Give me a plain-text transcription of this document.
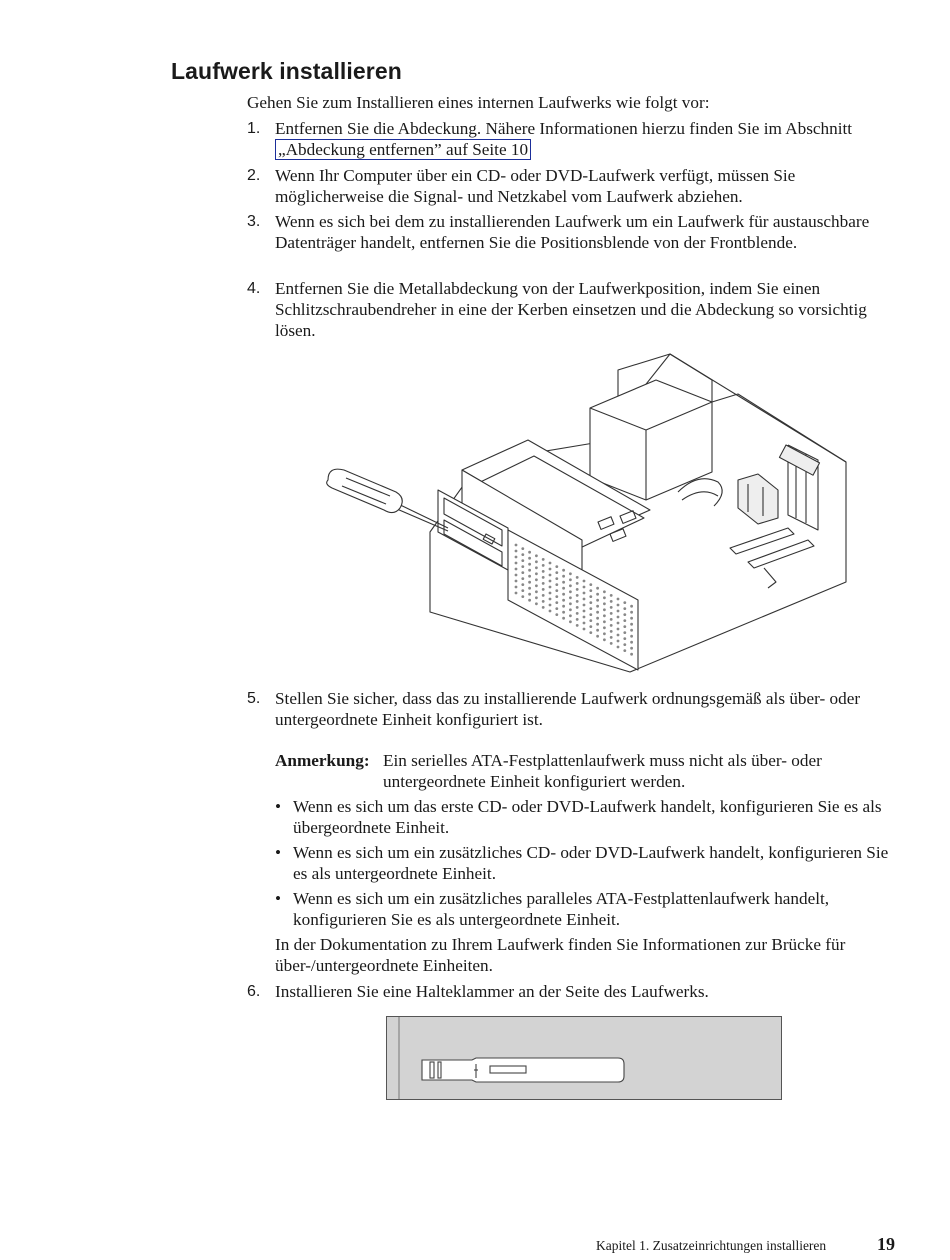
Laufwerk installieren
Gehen Sie zum Installieren eines internen Laufwerks wie folgt vor:
1. Entfernen Sie die Abdeckung. Nähere Informationen hierzu finden Sie im Abschnitt „Abdeckung entfernen” auf Seite 10
2. Wenn Ihr Computer über ein CD- oder DVD-Laufwerk verfügt, müssen Sie möglicherweise die Signal- und Netzkabel vom Laufwerk abziehen.
3. Wenn es sich bei dem zu installierenden Laufwerk um ein Laufwerk für austauschbare Datenträger handelt, entfernen Sie die Positionsblende von der Frontblende.
4. Entfernen Sie die Metallabdeckung von der Laufwerkposition, indem Sie einen Schlitzschraubendreher in eine der Kerben einsetzen und die Abdeckung so vorsichtig lösen.
5. Stellen Sie sicher, dass das zu installierende Laufwerk ordnungsgemäß als über- oder untergeordnete Einheit konfiguriert ist.
Anmerkung: Ein serielles ATA-Festplattenlaufwerk muss nicht als über- oder untergeordnete Einheit konfiguriert werden.
• Wenn es sich um das erste CD- oder DVD-Laufwerk handelt, konfigurieren Sie es als übergeordnete Einheit.
• Wenn es sich um ein zusätzliches CD- oder DVD-Laufwerk handelt, konfigurieren Sie es als untergeordnete Einheit.
• Wenn es sich um ein zusätzliches paralleles ATA-Festplattenlaufwerk handelt, konfigurieren Sie es als untergeordnete Einheit.
In der Dokumentation zu Ihrem Laufwerk finden Sie Informationen zur Brücke für über-/untergeordnete Einheiten.
6. Installieren Sie eine Halteklammer an der Seite des Laufwerks.
Kapitel 1. Zusatzeinrichtungen installieren	19
